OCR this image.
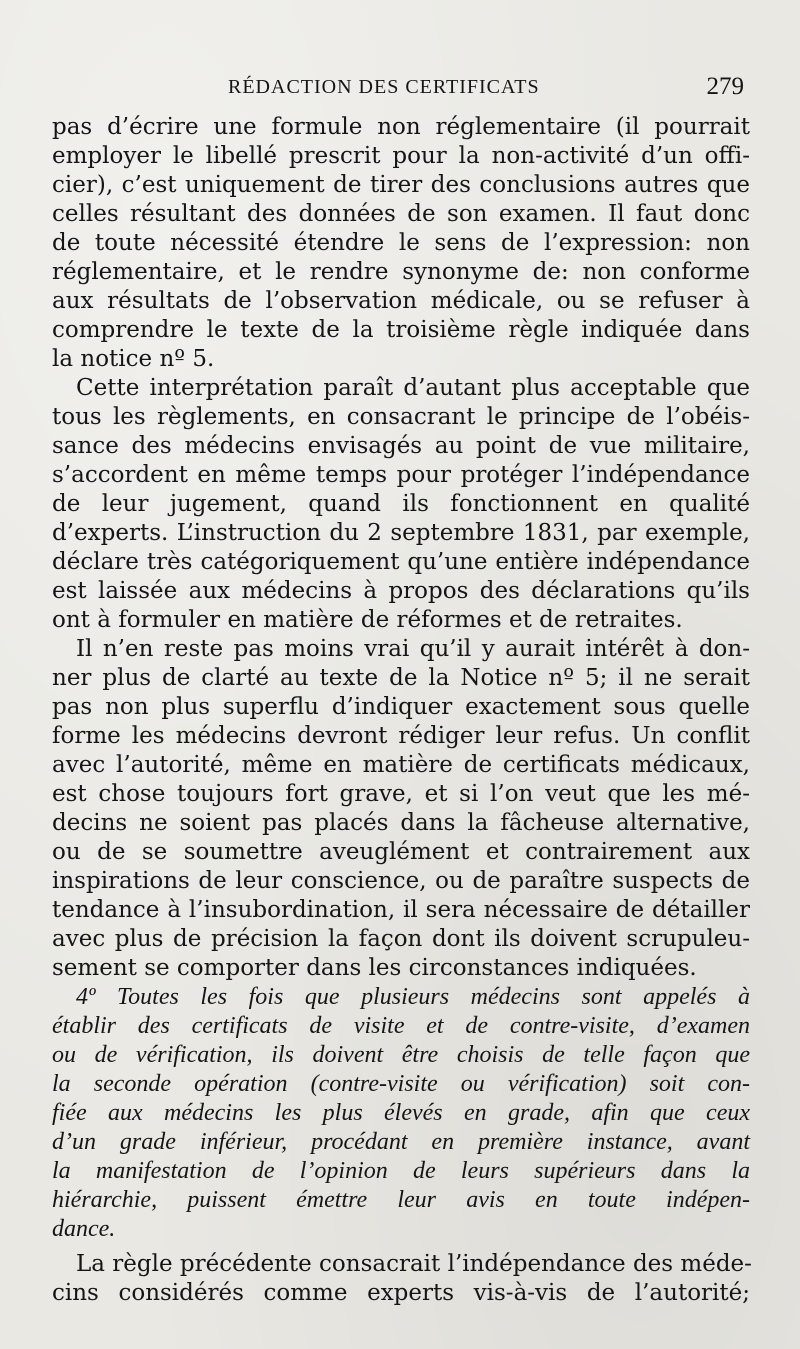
RÉDACTION DES CERTIFICATS	279
pas d’écrire une formule non réglementaire (il pourrait
employer le libellé prescrit pour la non-activité d’un offi-
cier), c’est uniquement de tirer des conclusions autres que
celles résultant des données de son examen. Il faut donc
de toute nécessité étendre le sens de l’expression: non
réglementaire, et le rendre synonyme de: non conforme
aux résultats de l’observation médicale, ou se refuser à
comprendre le texte de la troisième règle indiquée dans
la notice nº 5.
Cette interprétation paraît d’autant plus acceptable que
tous les règlements, en consacrant le principe de l’obéis-
sance des médecins envisagés au point de vue militaire,
s’accordent en même temps pour protéger l’indépendance
de leur jugement, quand ils fonctionnent en qualité
d’experts. L’instruction du 2 septembre 1831, par exemple,
déclare très catégoriquement qu’une entière indépendance
est laissée aux médecins à propos des déclarations qu’ils
ont à formuler en matière de réformes et de retraites.
Il n’en reste pas moins vrai qu’il y aurait intérêt à don-
ner plus de clarté au texte de la Notice nº 5; il ne serait
pas non plus superflu d’indiquer exactement sous quelle
forme les médecins devront rédiger leur refus. Un conflit
avec l’autorité, même en matière de certificats médicaux,
est chose toujours fort grave, et si l’on veut que les mé-
decins ne soient pas placés dans la fâcheuse alternative,
ou de se soumettre aveuglément et contrairement aux
inspirations de leur conscience, ou de paraître suspects de
tendance à l’insubordination, il sera nécessaire de détailler
avec plus de précision la façon dont ils doivent scrupuleu-
sement se comporter dans les circonstances indiquées.
4º Toutes les fois que plusieurs médecins sont appelés à
établir des certificats de visite et de contre-visite, d’examen
ou de vérification, ils doivent être choisis de telle façon que
la seconde opération (contre-visite ou vérification) soit con-
fiée aux médecins les plus élevés en grade, afin que ceux
d’un grade inférieur, procédant en première instance, avant
la manifestation de l’opinion de leurs supérieurs dans la
hiérarchie, puissent émettre leur avis en toute indépen-
dance.
La règle précédente consacrait l’indépendance des méde-
cins considérés comme experts vis-à-vis de l’autorité;
